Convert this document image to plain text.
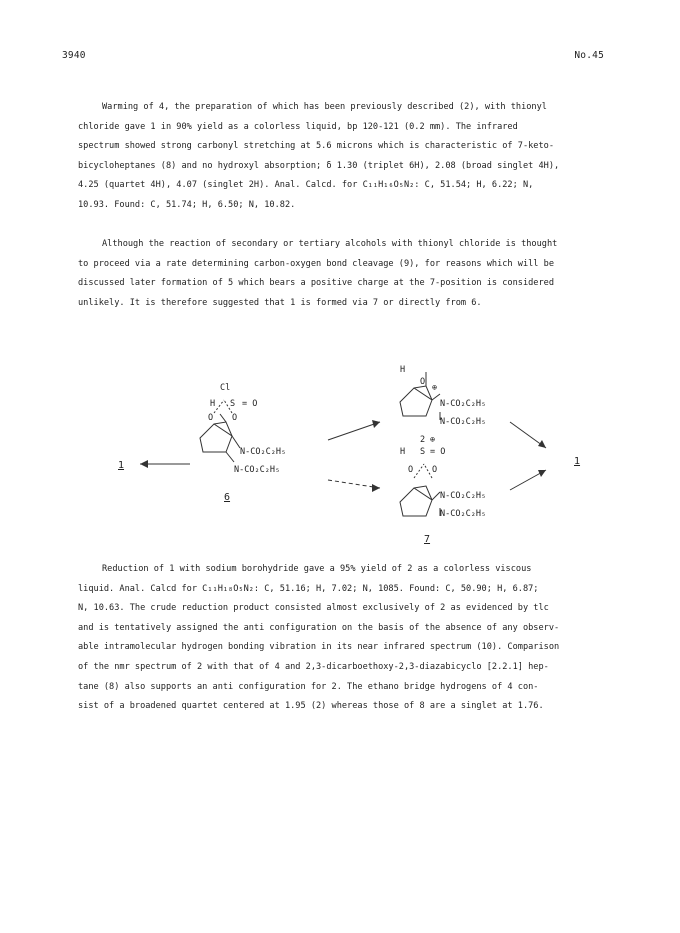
3940	No.45
Warming of 4, the preparation of which has been previously described (2), with thionyl
chloride gave 1 in 90% yield as a colorless liquid, bp 120-121 (0.2 mm). The infrared
spectrum showed strong carbonyl stretching at 5.6 microns which is characteristic of 7-keto-
bicycloheptanes (8) and no hydroxyl absorption; δ 1.30 (triplet 6H), 2.08 (broad singlet 4H),
4.25 (quartet 4H), 4.07 (singlet 2H). Anal. Calcd. for C₁₁H₁₆O₅N₂: C, 51.54; H, 6.22; N,
10.93. Found: C, 51.74; H, 6.50; N, 10.82.
Although the reaction of secondary or tertiary alcohols with thionyl chloride is thought
to proceed via a rate determining carbon-oxygen bond cleavage (9), for reasons which will be
discussed later formation of 5 which bears a positive charge at the 7-position is considered
unlikely. It is therefore suggested that 1 is formed via 7 or directly from 6.
Cl
H S = O
O O
N-CO₂C₂H₅
N-CO₂C₂H₅
H
O
⊕
N-CO₂C₂H₅
N-CO₂C₂H₅
2 ⊕
H S = O
O O
N-CO₂C₂H₅
N-CO₂C₂H₅
1	1
6
7
Reduction of 1 with sodium borohydride gave a 95% yield of 2 as a colorless viscous
liquid. Anal. Calcd for C₁₁H₁₈O₅N₂: C, 51.16; H, 7.02; N, 1085. Found: C, 50.90; H, 6.87;
N, 10.63. The crude reduction product consisted almost exclusively of 2 as evidenced by tlc
and is tentatively assigned the anti configuration on the basis of the absence of any observ-
able intramolecular hydrogen bonding vibration in its near infrared spectrum (10). Comparison
of the nmr spectrum of 2 with that of 4 and 2,3-dicarboethoxy-2,3-diazabicyclo [2.2.1] hep-
tane (8) also supports an anti configuration for 2. The ethano bridge hydrogens of 4 con-
sist of a broadened quartet centered at 1.95 (2) whereas those of 8 are a singlet at 1.76.
